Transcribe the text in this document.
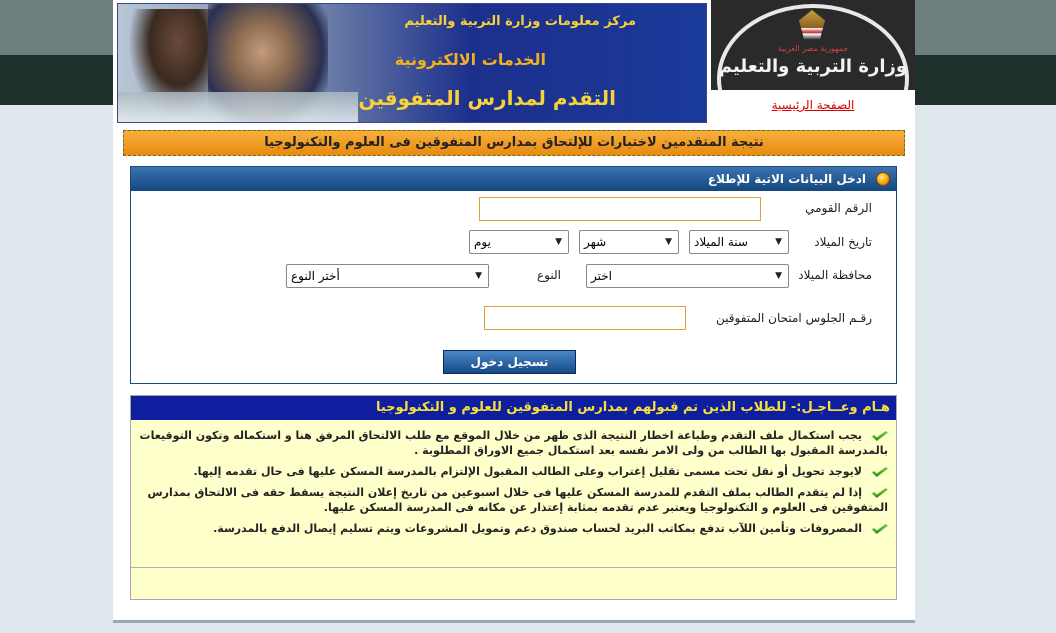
مركز معلومات وزارة التربية والتعليم
الخدمات الالكترونية
التقدم لمدارس المتفوقين
جمهورية مصر العربية
وزارة التربية والتعليم
الصفحة الرئيسية
نتيجة المتقدمين لاختبارات للإلتحاق بمدارس المتفوقين فى العلوم والتكنولوجيا
ادخل البيانات الاتية للإطلاع
الرقم القومي
تاريخ الميلاد
▼
سنة الميلاد
▼
شهر
▼
يوم
محافظة الميلاد
▼
اختر
النوع
▼
أختر النوع
رقـم الجلوس امتحان المتفوقين
تسجيل دخول
هـام وعــاجـل:- للطلاب الذين تم قبولهم بمدارس المتفوقين للعلوم و التكنولوجيا
يجب استكمال ملف التقدم وطباعة اخطار النتيجة الذى ظهر من خلال الموقع مع طلب الالتحاق المرفق هنا و استكماله وتكون التوقيعات بالمدرسة المقبول بها الطالب من ولى الامر نفسه بعد استكمال جميع الاوراق المطلوبة .
لايوجد تحويل أو نقل تحت مسمى تقليل إغتراب وعلى الطالب المقبول الإلتزام بالمدرسة المسكن عليها فى حال تقدمه إليها.
إذا لم يتقدم الطالب بملف التقدم للمدرسة المسكن عليها فى خلال اسبوعين من تاريخ إعلان النتيجة يسقط حقه فى الالتحاق بمدارس المتفوقين فى العلوم و التكنولوجيا ويعتبر عدم تقدمه بمثابة إعتذار عن مكانه فى المدرسة المسكن عليها.
المصروفات وتأمين اللآب تدفع بمكاتب البريد لحساب صندوق دعم وتمويل المشروعات ويتم تسليم إيصال الدفع بالمدرسة.
